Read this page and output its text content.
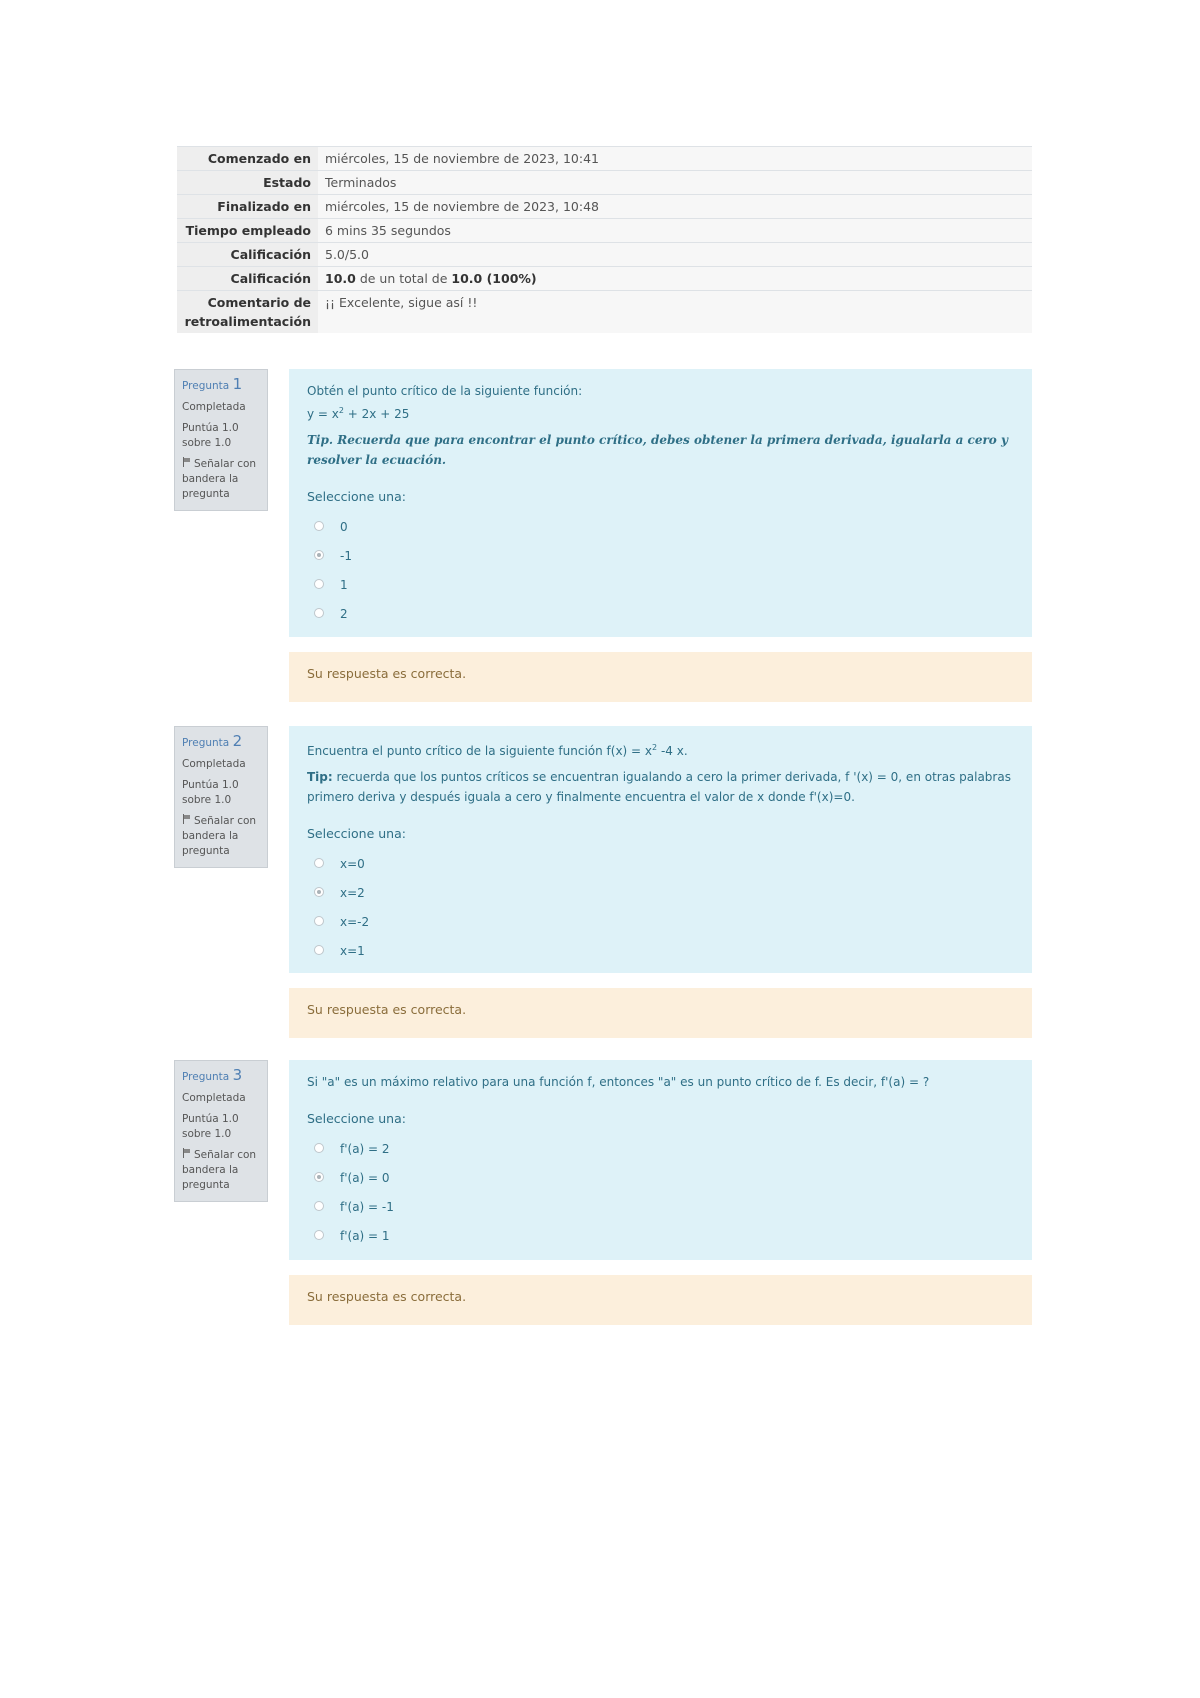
Comenzado en	miércoles, 15 de noviembre de 2023, 10:41
Estado	Terminados
Finalizado en	miércoles, 15 de noviembre de 2023, 10:48
Tiempo empleado	6 mins 35 segundos
Calificación	5.0/5.0
Calificación	10.0 de un total de 10.0 (100%)
Comentario de retroalimentación	¡¡ Excelente, sigue así !!
Pregunta 1
Completada
Puntúa 1.0 sobre 1.0
Señalar con bandera la pregunta

Obtén el punto crítico de la siguiente función:

$y = x^2 + 2x + 25$

Tip. Recuerda que para encontrar el punto crítico, debes obtener la primera derivada, igualarla a cero y resolver la ecuación.

Seleccione una:
0
-1
1
2
Su respuesta es correcta.
Pregunta 2
Completada
Puntúa 1.0 sobre 1.0
Señalar con bandera la pregunta

Encuentra el punto crítico de la siguiente función $f(x) = x^2$ -4 x.

Tip: recuerda que los puntos críticos se encuentran igualando a cero la primer derivada, f '(x) = 0, en otras palabras primero deriva y después iguala a cero y finalmente encuentra el valor de x donde f'(x)=0.

Seleccione una:
x=0
x=2
x=-2
x=1
Su respuesta es correcta.
Pregunta 3
Completada
Puntúa 1.0 sobre 1.0
Señalar con bandera la pregunta

Si "a" es un máximo relativo para una función f, entonces "a" es un punto crítico de f. Es decir, f'(a) = ?

Seleccione una:
f'(a) = 2
f'(a) = 0
f'(a) = -1
f'(a) = 1
Su respuesta es correcta.
